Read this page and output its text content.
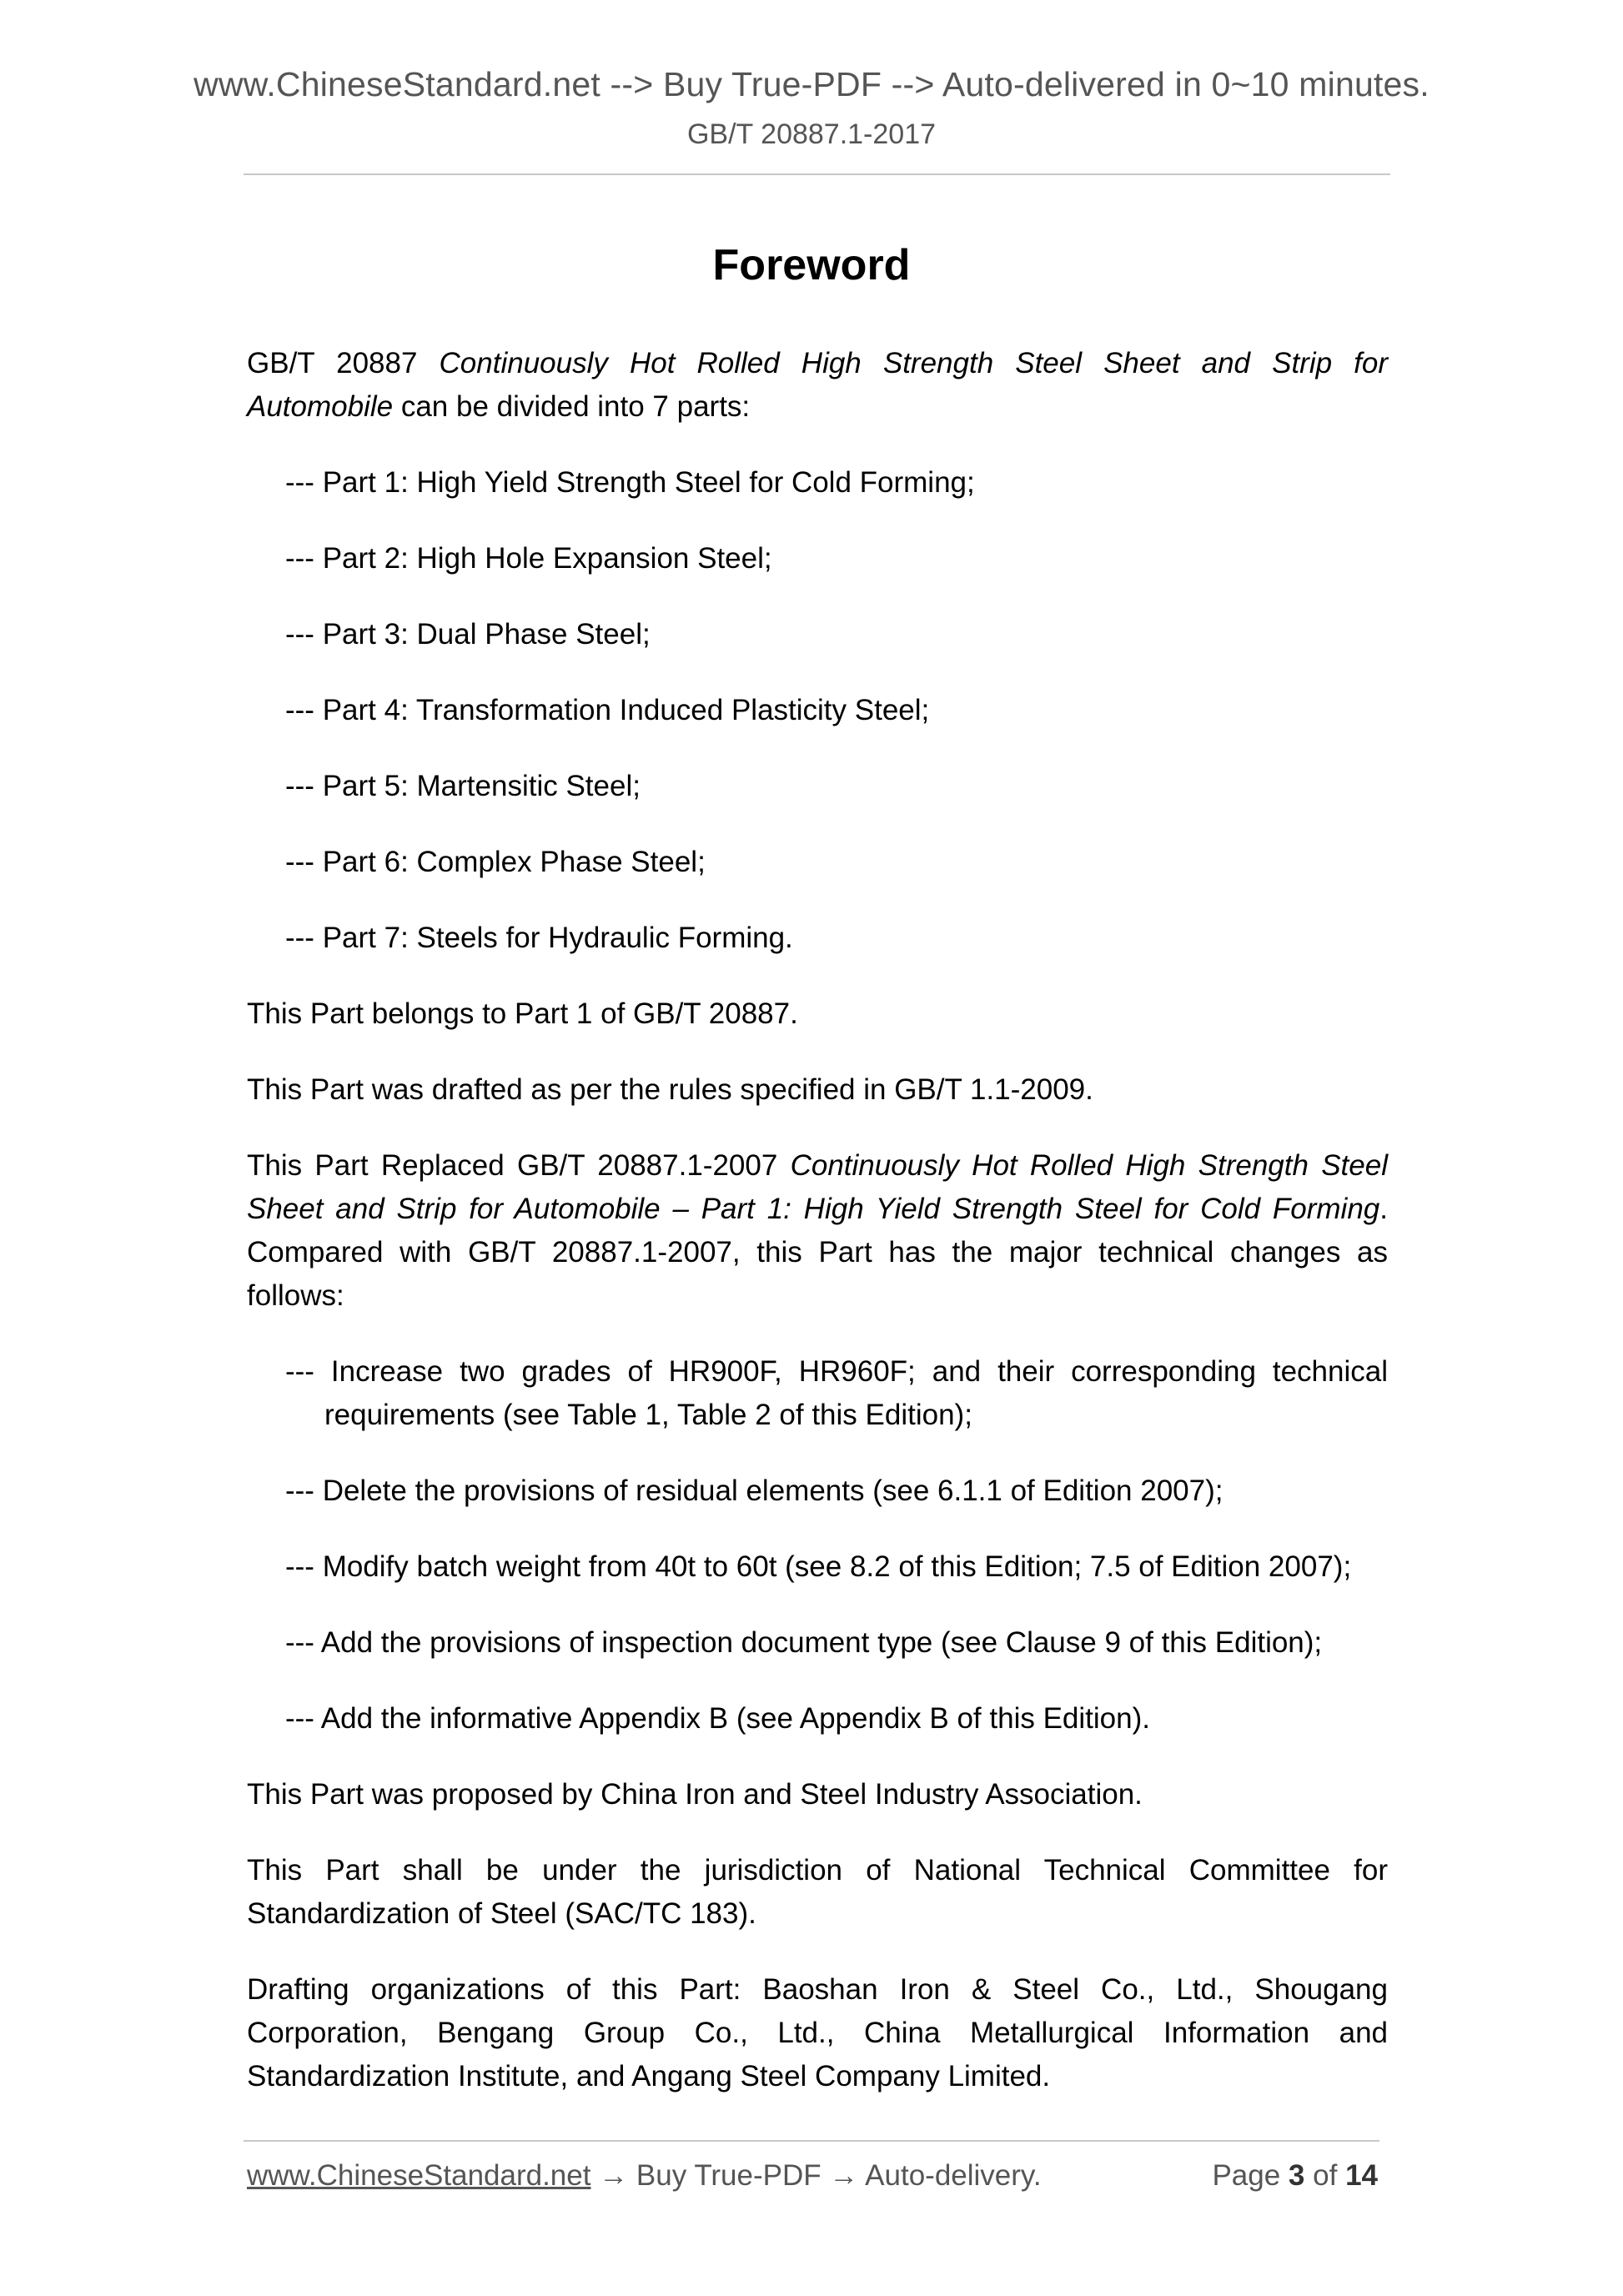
www.ChineseStandard.net --> Buy True-PDF --> Auto-delivered in 0~10 minutes.
GB/T 20887.1-2017
Foreword

GB/T 20887 Continuously Hot Rolled High Strength Steel Sheet and Strip for Automobile can be divided into 7 parts:

--- Part 1: High Yield Strength Steel for Cold Forming;
--- Part 2: High Hole Expansion Steel;
--- Part 3: Dual Phase Steel;
--- Part 4: Transformation Induced Plasticity Steel;
--- Part 5: Martensitic Steel;
--- Part 6: Complex Phase Steel;
--- Part 7: Steels for Hydraulic Forming.

This Part belongs to Part 1 of GB/T 20887.

This Part was drafted as per the rules specified in GB/T 1.1-2009.

This Part Replaced GB/T 20887.1-2007 Continuously Hot Rolled High Strength Steel Sheet and Strip for Automobile – Part 1: High Yield Strength Steel for Cold Forming. Compared with GB/T 20887.1-2007, this Part has the major technical changes as follows:

--- Increase two grades of HR900F, HR960F; and their corresponding technical requirements (see Table 1, Table 2 of this Edition);
--- Delete the provisions of residual elements (see 6.1.1 of Edition 2007);
--- Modify batch weight from 40t to 60t (see 8.2 of this Edition; 7.5 of Edition 2007);
--- Add the provisions of inspection document type (see Clause 9 of this Edition);
--- Add the informative Appendix B (see Appendix B of this Edition).

This Part was proposed by China Iron and Steel Industry Association.

This Part shall be under the jurisdiction of National Technical Committee for Standardization of Steel (SAC/TC 183).

Drafting organizations of this Part: Baoshan Iron & Steel Co., Ltd., Shougang Corporation, Bengang Group Co., Ltd., China Metallurgical Information and Standardization Institute, and Angang Steel Company Limited.

www.ChineseStandard.net → Buy True-PDF → Auto-delivery.	Page 3 of 14
